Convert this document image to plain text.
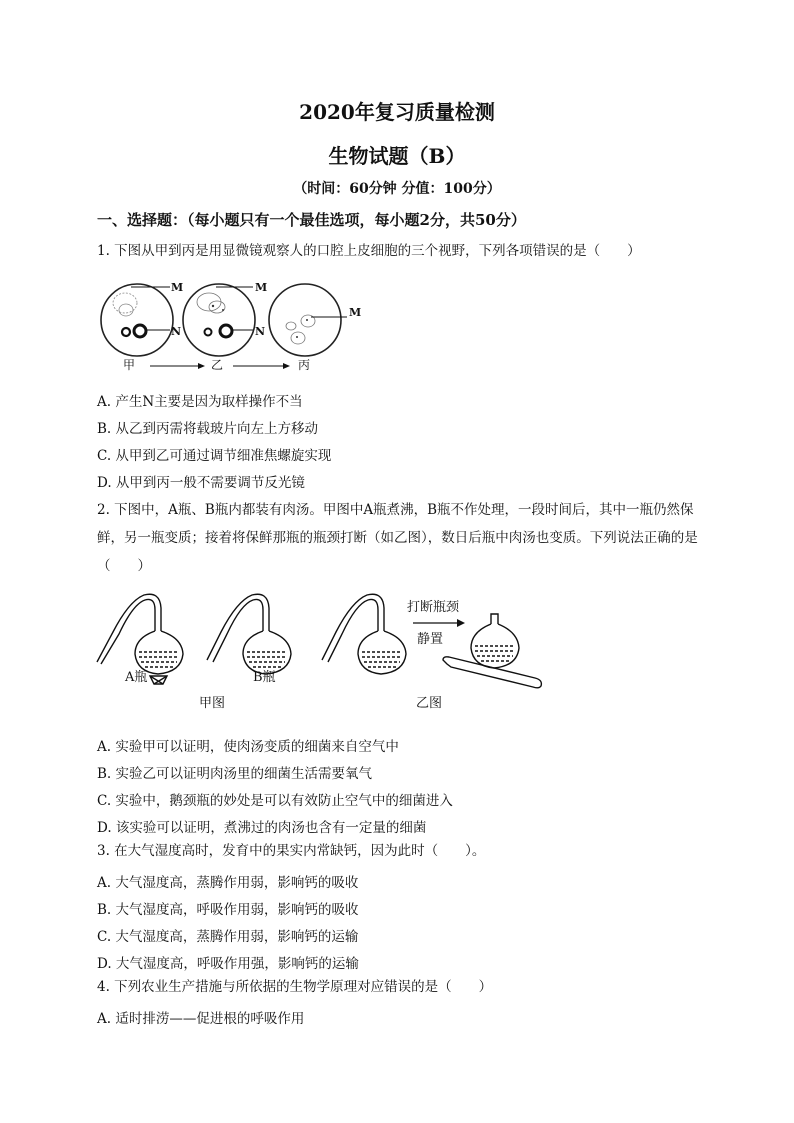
2020年复习质量检测
生物试题（B）
（时间：60分钟 分值：100分）
一、选择题：（每小题只有一个最佳选项，每小题2分，共50分）
1. 下图从甲到丙是用显微镜观察人的口腔上皮细胞的三个视野，下列各项错误的是（　　）
M
N
M
N
M
甲	乙	丙
A. 产生N主要是因为取样操作不当
B. 从乙到丙需将载玻片向左上方移动
C. 从甲到乙可通过调节细准焦螺旋实现
D. 从甲到丙一般不需要调节反光镜
2. 下图中，A瓶、B瓶内都装有肉汤。甲图中A瓶煮沸，B瓶不作处理，一段时间后，其中一瓶仍然保鲜，另一瓶变质；接着将保鲜那瓶的瓶颈打断（如乙图），数日后瓶中肉汤也变质。下列说法正确的是（　　）
A瓶	B瓶
打断瓶颈
静置
甲图	乙图
A. 实验甲可以证明，使肉汤变质的细菌来自空气中
B. 实验乙可以证明肉汤里的细菌生活需要氧气
C. 实验中，鹅颈瓶的妙处是可以有效防止空气中的细菌进入
D. 该实验可以证明，煮沸过的肉汤也含有一定量的细菌
3. 在大气湿度高时，发育中的果实内常缺钙，因为此时（　　）。
A. 大气湿度高，蒸腾作用弱，影响钙的吸收
B. 大气湿度高，呼吸作用弱，影响钙的吸收
C. 大气湿度高，蒸腾作用弱，影响钙的运输
D. 大气湿度高，呼吸作用强，影响钙的运输
4. 下列农业生产措施与所依据的生物学原理对应错误的是（　　）
A. 适时排涝——促进根的呼吸作用
